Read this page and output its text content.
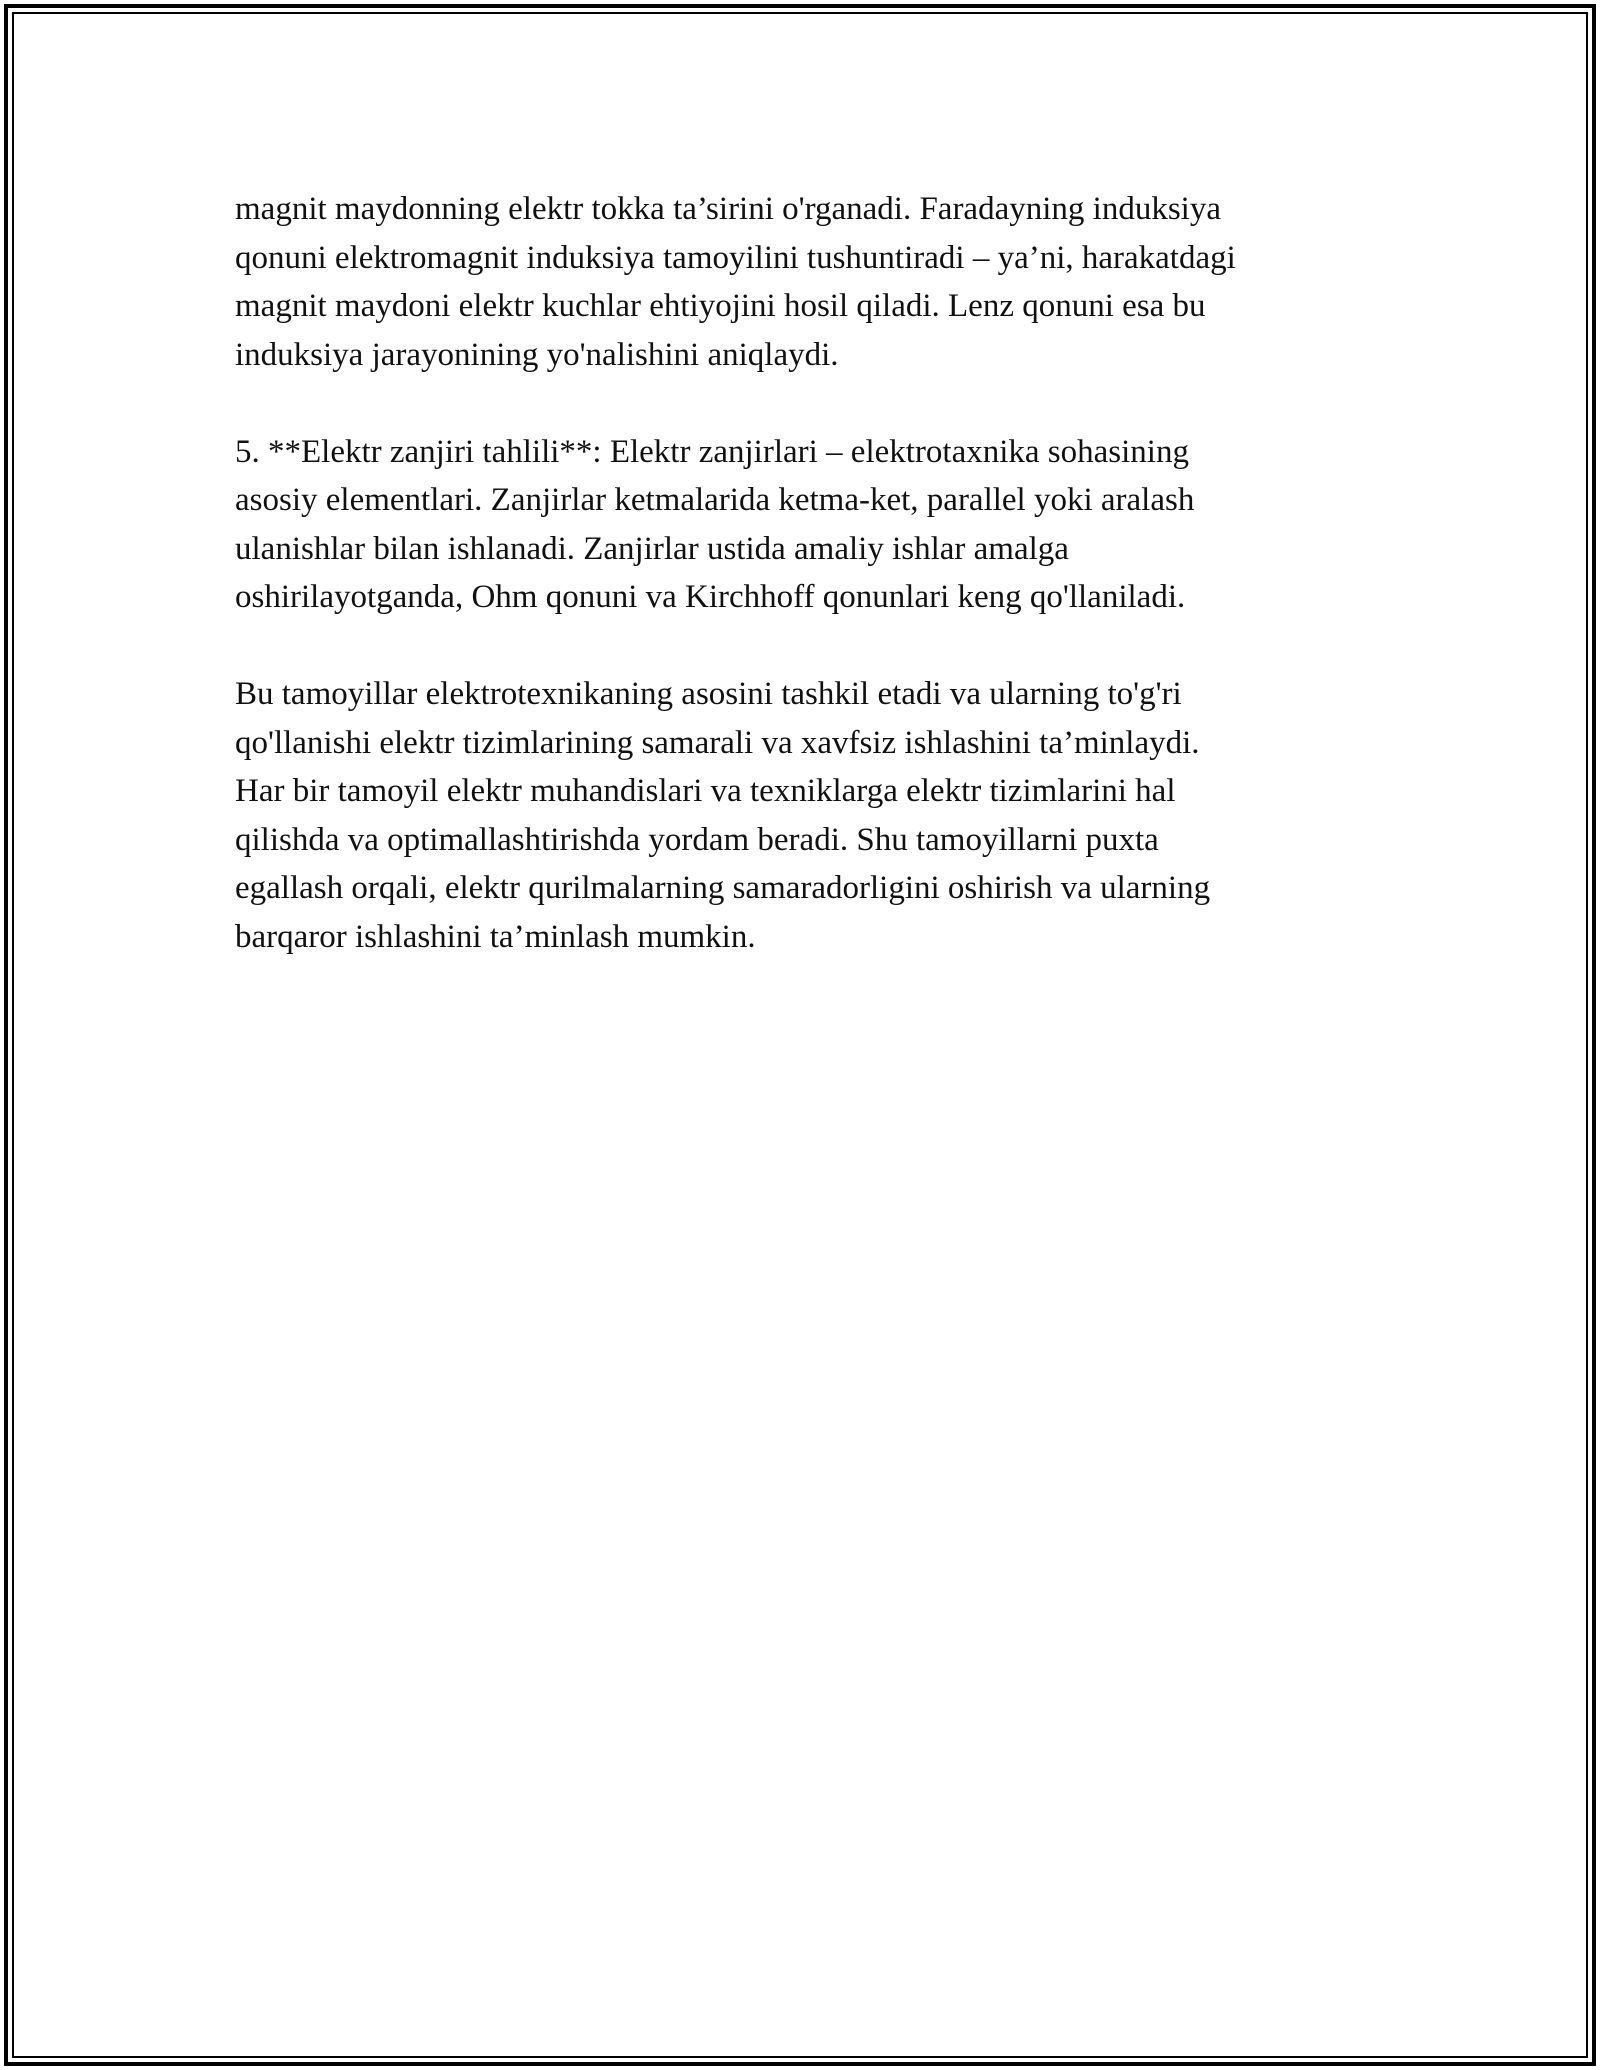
magnit maydonning elektr tokka ta’sirini o'rganadi. Faradayning induksiya
qonuni elektromagnit induksiya tamoyilini tushuntiradi – ya’ni, harakatdagi
magnit maydoni elektr kuchlar ehtiyojini hosil qiladi. Lenz qonuni esa bu
induksiya jarayonining yo'nalishini aniqlaydi.

5. **Elektr zanjiri tahlili**: Elektr zanjirlari – elektrotaxnika sohasining
asosiy elementlari. Zanjirlar ketmalarida ketma-ket, parallel yoki aralash
ulanishlar bilan ishlanadi. Zanjirlar ustida amaliy ishlar amalga
oshirilayotganda, Ohm qonuni va Kirchhoff qonunlari keng qo'llaniladi.

Bu tamoyillar elektrotexnikaning asosini tashkil etadi va ularning to'g'ri
qo'llanishi elektr tizimlarining samarali va xavfsiz ishlashini ta’minlaydi.
Har bir tamoyil elektr muhandislari va texniklarga elektr tizimlarini hal
qilishda va optimallashtirishda yordam beradi. Shu tamoyillarni puxta
egallash orqali, elektr qurilmalarning samaradorligini oshirish va ularning
barqaror ishlashini ta’minlash mumkin.
